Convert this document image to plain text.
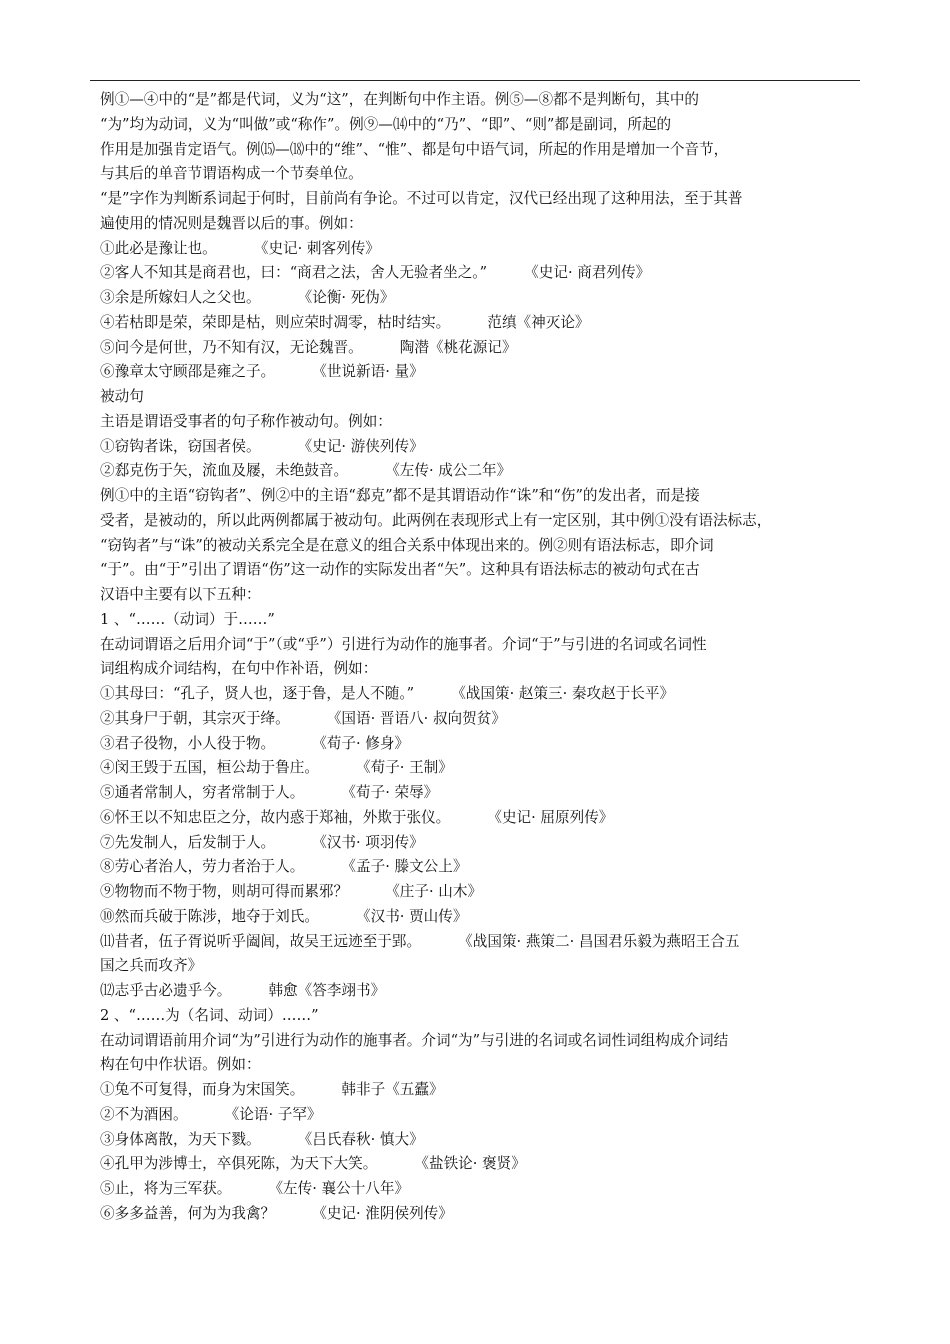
例①—④中的“是”都是代词，义为“这”，在判断句中作主语。例⑤—⑧都不是判断句，其中的
“为”均为动词，义为“叫做”或“称作”。例⑨—⒁中的“乃”、“即”、“则”都是副词，所起的
作用是加强肯定语气。例⒂—⒅中的“维”、“惟”、都是句中语气词，所起的作用是增加一个音节，
与其后的单音节谓语构成一个节奏单位。
“是”字作为判断系词起于何时，目前尚有争论。不过可以肯定，汉代已经出现了这种用法，至于其普
遍使用的情况则是魏晋以后的事。例如：
①此必是豫让也。        《史记· 刺客列传》
②客人不知其是商君也，曰：“商君之法，舍人无验者坐之。”        《史记· 商君列传》
③余是所嫁妇人之父也。        《论衡· 死伪》
④若枯即是荣，荣即是枯，则应荣时凋零，枯时结实。        范缜《神灭论》
⑤问今是何世，乃不知有汉，无论魏晋。        陶潜《桃花源记》
⑥豫章太守顾邵是雍之子。        《世说新语· 量》
被动句
主语是谓语受事者的句子称作被动句。例如：
①窃钩者诛，窃国者侯。        《史记· 游侠列传》
②郄克伤于矢，流血及屦，未绝鼓音。        《左传· 成公二年》
例①中的主语“窃钩者”、例②中的主语“郄克”都不是其谓语动作“诛”和“伤”的发出者，而是接
受者，是被动的，所以此两例都属于被动句。此两例在表现形式上有一定区别，其中例①没有语法标志，
“窃钩者”与“诛”的被动关系完全是在意义的组合关系中体现出来的。例②则有语法标志，即介词
“于”。由“于”引出了谓语“伤”这一动作的实际发出者“矢”。这种具有语法标志的被动句式在古
汉语中主要有以下五种：
1 、“……（动词）于……”
在动词谓语之后用介词“于”（或“乎”）引进行为动作的施事者。介词“于”与引进的名词或名词性
词组构成介词结构，在句中作补语，例如：
①其母曰：“孔子，贤人也，逐于鲁，是人不随。”        《战国策· 赵策三· 秦攻赵于长平》
②其身尸于朝，其宗灭于绛。        《国语· 晋语八· 叔向贺贫》
③君子役物，小人役于物。        《荀子· 修身》
④闵王毁于五国，桓公劫于鲁庄。        《荀子· 王制》
⑤通者常制人，穷者常制于人。        《荀子· 荣辱》
⑥怀王以不知忠臣之分，故内惑于郑袖，外欺于张仪。        《史记· 屈原列传》
⑦先发制人，后发制于人。        《汉书· 项羽传》
⑧劳心者治人，劳力者治于人。        《孟子· 滕文公上》
⑨物物而不物于物，则胡可得而累邪？        《庄子· 山木》
⑩然而兵破于陈涉，地夺于刘氏。        《汉书· 贾山传》
⑾昔者，伍子胥说听乎阖闾，故吴王远迹至于郢。        《战国策· 燕策二· 昌国君乐毅为燕昭王合五
国之兵而攻齐》
⑿志乎古必遗乎今。        韩愈《答李翊书》
2 、“……为（名词、动词）……”
在动词谓语前用介词“为”引进行为动作的施事者。介词“为”与引进的名词或名词性词组构成介词结
构在句中作状语。例如：
①兔不可复得，而身为宋国笑。        韩非子《五蠹》
②不为酒困。        《论语· 子罕》
③身体离散，为天下戮。        《吕氏春秋· 慎大》
④孔甲为涉博士，卒俱死陈，为天下大笑。        《盐铁论· 褒贤》
⑤止，将为三军获。        《左传· 襄公十八年》
⑥多多益善，何为为我禽？        《史记· 淮阴侯列传》
